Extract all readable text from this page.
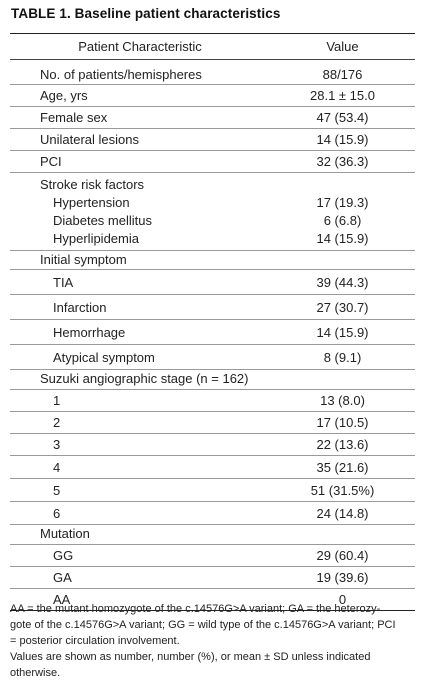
TABLE 1. Baseline patient characteristics
Patient Characteristic	Value
No. of patients/hemispheres	88/176
Age, yrs	28.1 ± 15.0
Female sex	47 (53.4)
Unilateral lesions	14 (15.9)
PCI	32 (36.3)
Stroke risk factors
Hypertension	17 (19.3)
Diabetes mellitus	6 (6.8)
Hyperlipidemia	14 (15.9)
Initial symptom
TIA	39 (44.3)
Infarction	27 (30.7)
Hemorrhage	14 (15.9)
Atypical symptom	8 (9.1)
Suzuki angiographic stage (n = 162)
1	13 (8.0)
2	17 (10.5)
3	22 (13.6)
4	35 (21.6)
5	51 (31.5%)
6	24 (14.8)
Mutation
GG	29 (60.4)
GA	19 (39.6)
AA	0

AA = the mutant homozygote of the c.14576G>A variant; GA = the heterozy-

gote of the c.14576G>A variant; GG = wild type of the c.14576G>A variant; PCI

= posterior circulation involvement.

Values are shown as number, number (%), or mean ± SD unless indicated

otherwise.
